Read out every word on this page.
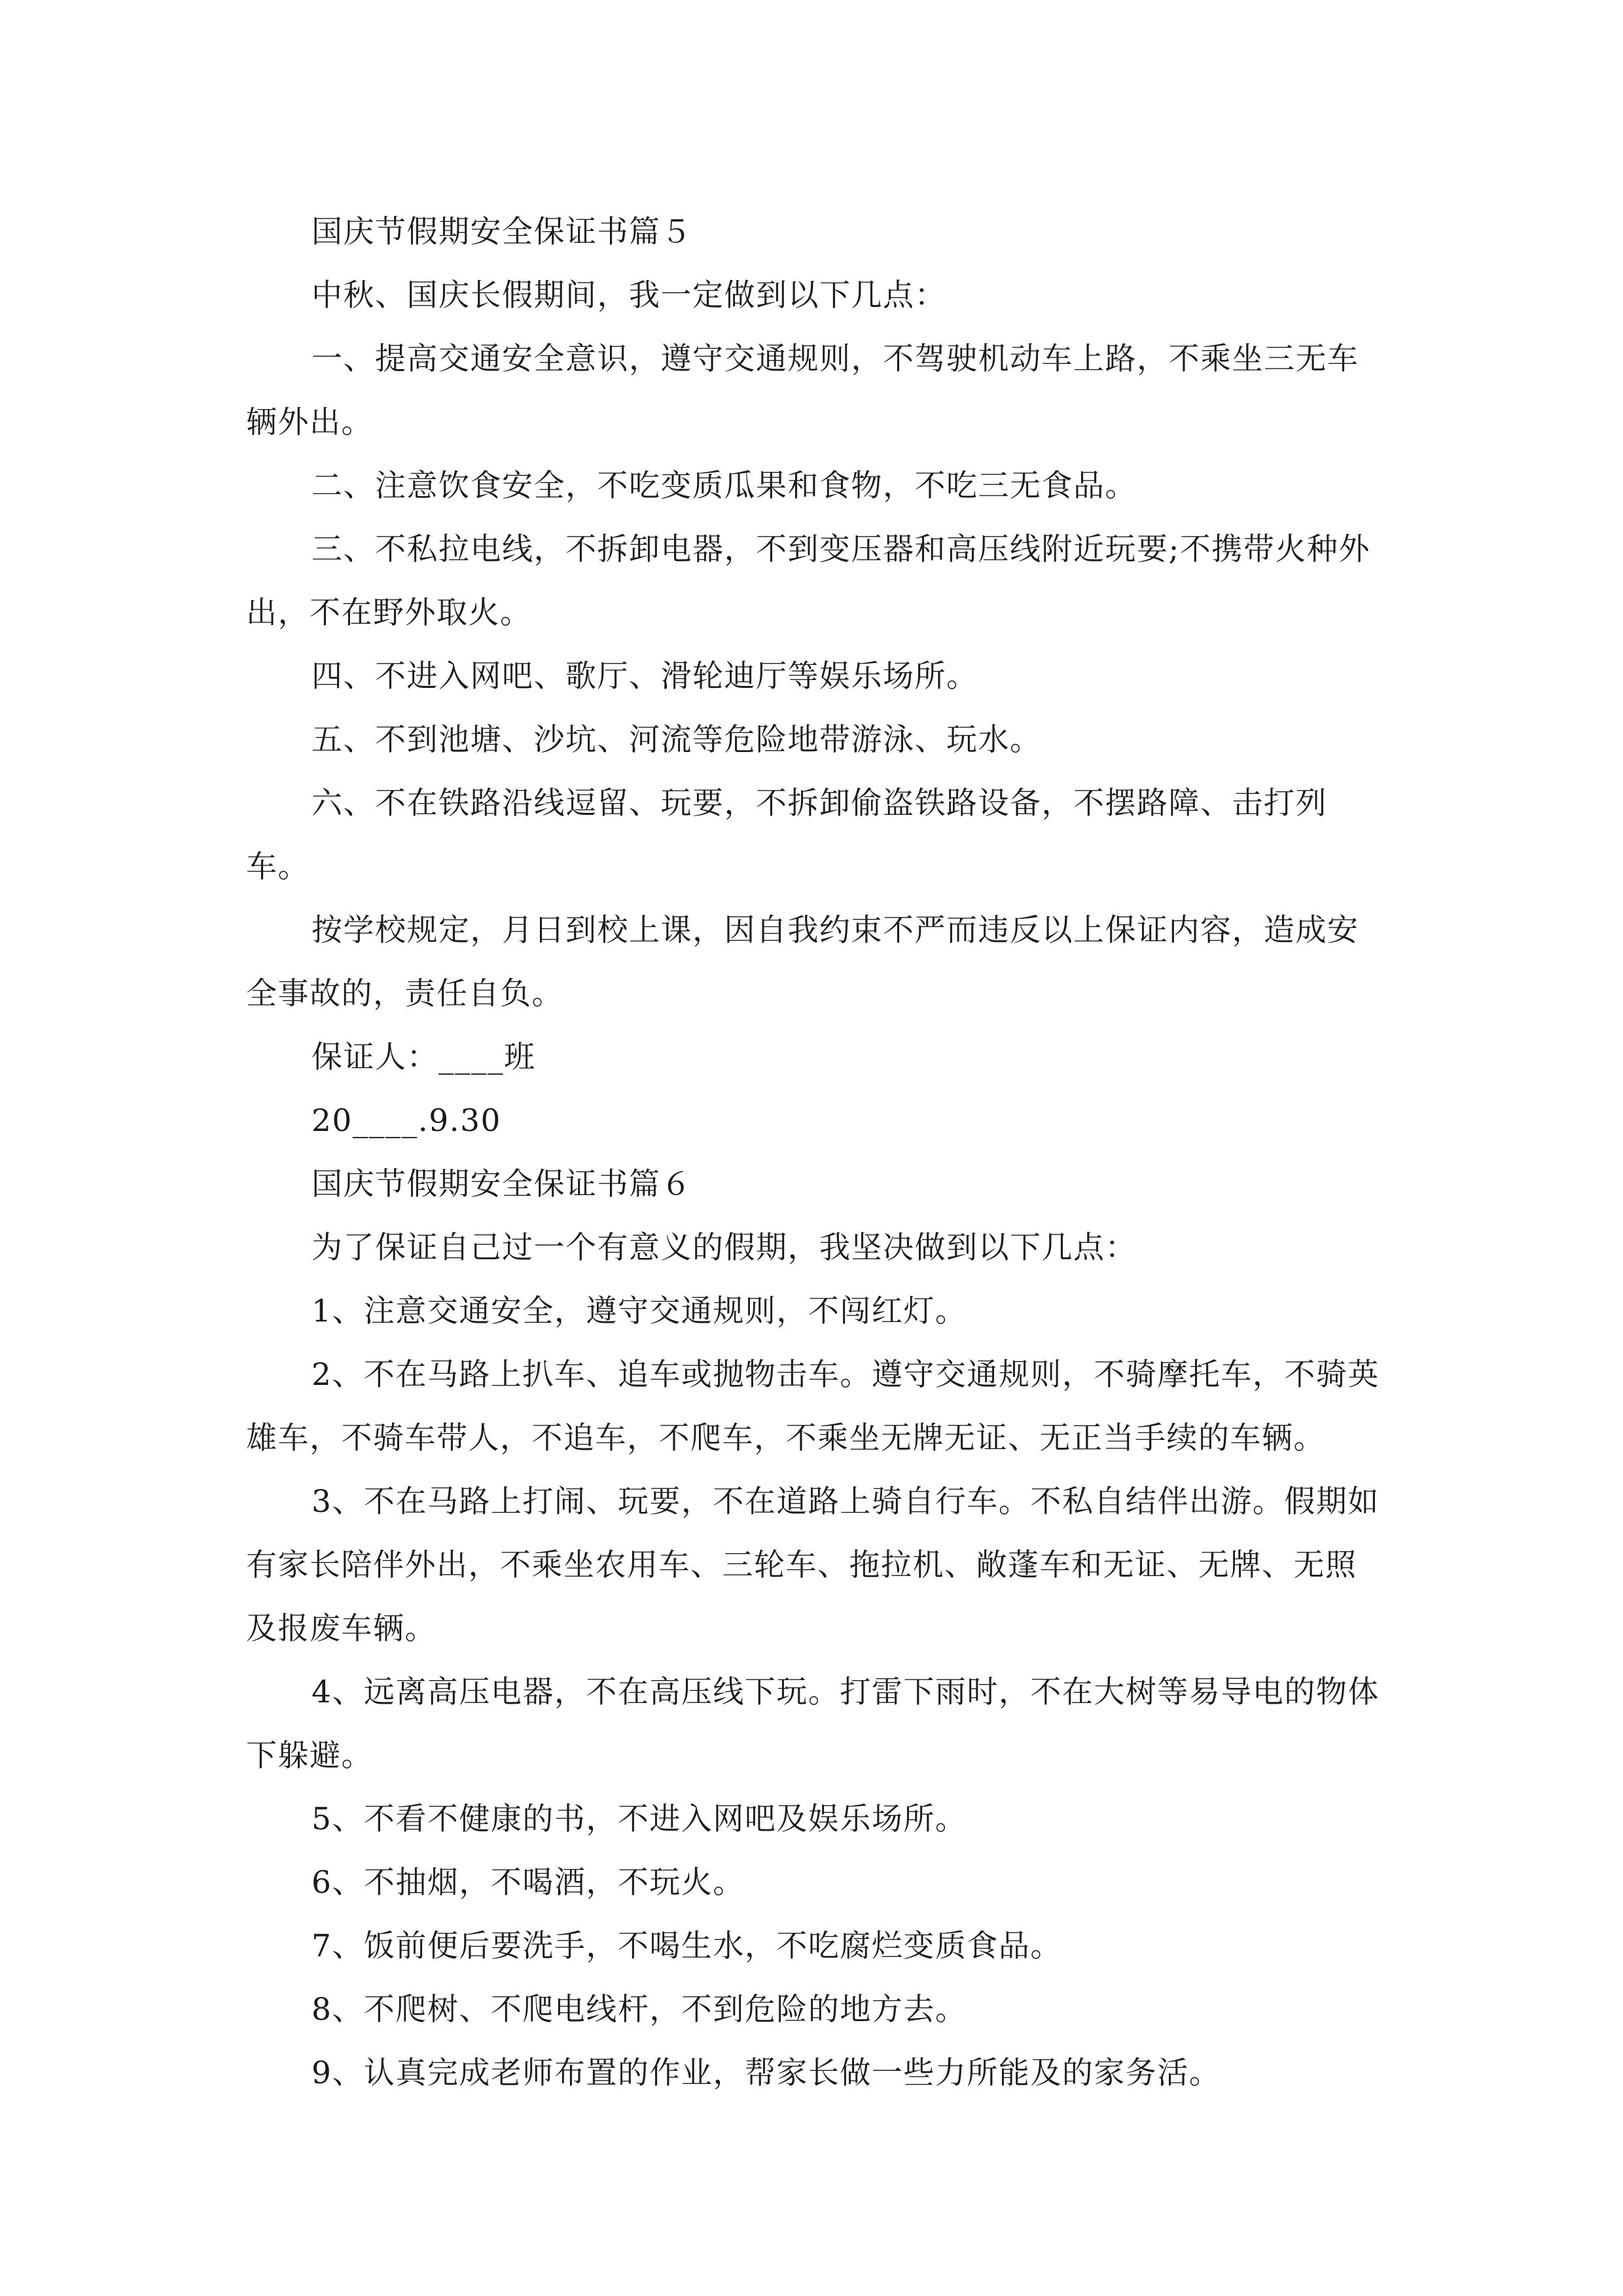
国庆节假期安全保证书篇５

中秋、国庆长假期间，我一定做到以下几点：

一、提高交通安全意识，遵守交通规则，不驾驶机动车上路，不乘坐三无车辆外出。

二、注意饮食安全，不吃变质瓜果和食物，不吃三无食品。

三、不私拉电线，不拆卸电器，不到变压器和高压线附近玩要;不携带火种外出，不在野外取火。

四、不进入网吧、歌厅、滑轮迪厅等娱乐场所。

五、不到池塘、沙坑、河流等危险地带游泳、玩水。

六、不在铁路沿线逗留、玩要，不拆卸偷盗铁路设备，不摆路障、击打列车。

按学校规定，月日到校上课，因自我约束不严而违反以上保证内容，造成安全事故的，责任自负。

保证人：____班

20____.9.30

国庆节假期安全保证书篇６

为了保证自己过一个有意义的假期，我坚决做到以下几点：

1、注意交通安全，遵守交通规则，不闯红灯。

2、不在马路上扒车、追车或抛物击车。遵守交通规则，不骑摩托车，不骑英雄车，不骑车带人，不追车，不爬车，不乘坐无牌无证、无正当手续的车辆。

3、不在马路上打闹、玩要，不在道路上骑自行车。不私自结伴出游。假期如有家长陪伴外出，不乘坐农用车、三轮车、拖拉机、敞蓬车和无证、无牌、无照及报废车辆。

4、远离高压电器，不在高压线下玩。打雷下雨时，不在大树等易导电的物体下躲避。

5、不看不健康的书，不进入网吧及娱乐场所。

6、不抽烟，不喝酒，不玩火。

7、饭前便后要洗手，不喝生水，不吃腐烂变质食品。

8、不爬树、不爬电线杆，不到危险的地方去。

9、认真完成老师布置的作业，帮家长做一些力所能及的家务活。
